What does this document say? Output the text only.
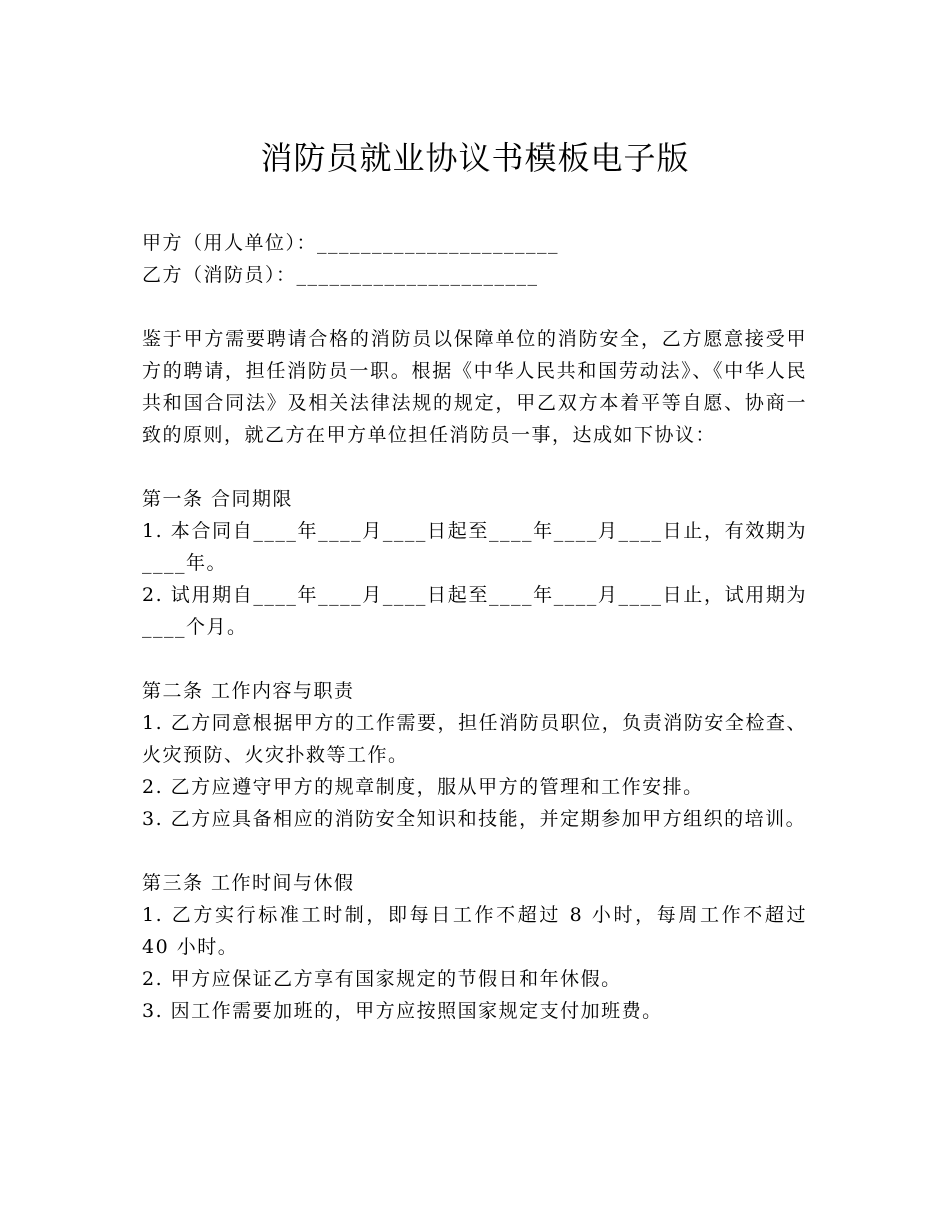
消防员就业协议书模板电子版

甲方（用人单位）：______________________

乙方（消防员）：______________________

鉴于甲方需要聘请合格的消防员以保障单位的消防安全，乙方愿意接受甲方的聘请，担任消防员一职。根据《中华人民共和国劳动法》、《中华人民共和国合同法》及相关法律法规的规定，甲乙双方本着平等自愿、协商一致的原则，就乙方在甲方单位担任消防员一事，达成如下协议：

第一条 合同期限

1. 本合同自____年____月____日起至____年____月____日止，有效期为____年。

2. 试用期自____年____月____日起至____年____月____日止，试用期为____个月。

第二条 工作内容与职责

1. 乙方同意根据甲方的工作需要，担任消防员职位，负责消防安全检查、火灾预防、火灾扑救等工作。

2. 乙方应遵守甲方的规章制度，服从甲方的管理和工作安排。

3. 乙方应具备相应的消防安全知识和技能，并定期参加甲方组织的培训。

第三条 工作时间与休假

1. 乙方实行标准工时制，即每日工作不超过 8 小时，每周工作不超过 40 小时。

2. 甲方应保证乙方享有国家规定的节假日和年休假。

3. 因工作需要加班的，甲方应按照国家规定支付加班费。
